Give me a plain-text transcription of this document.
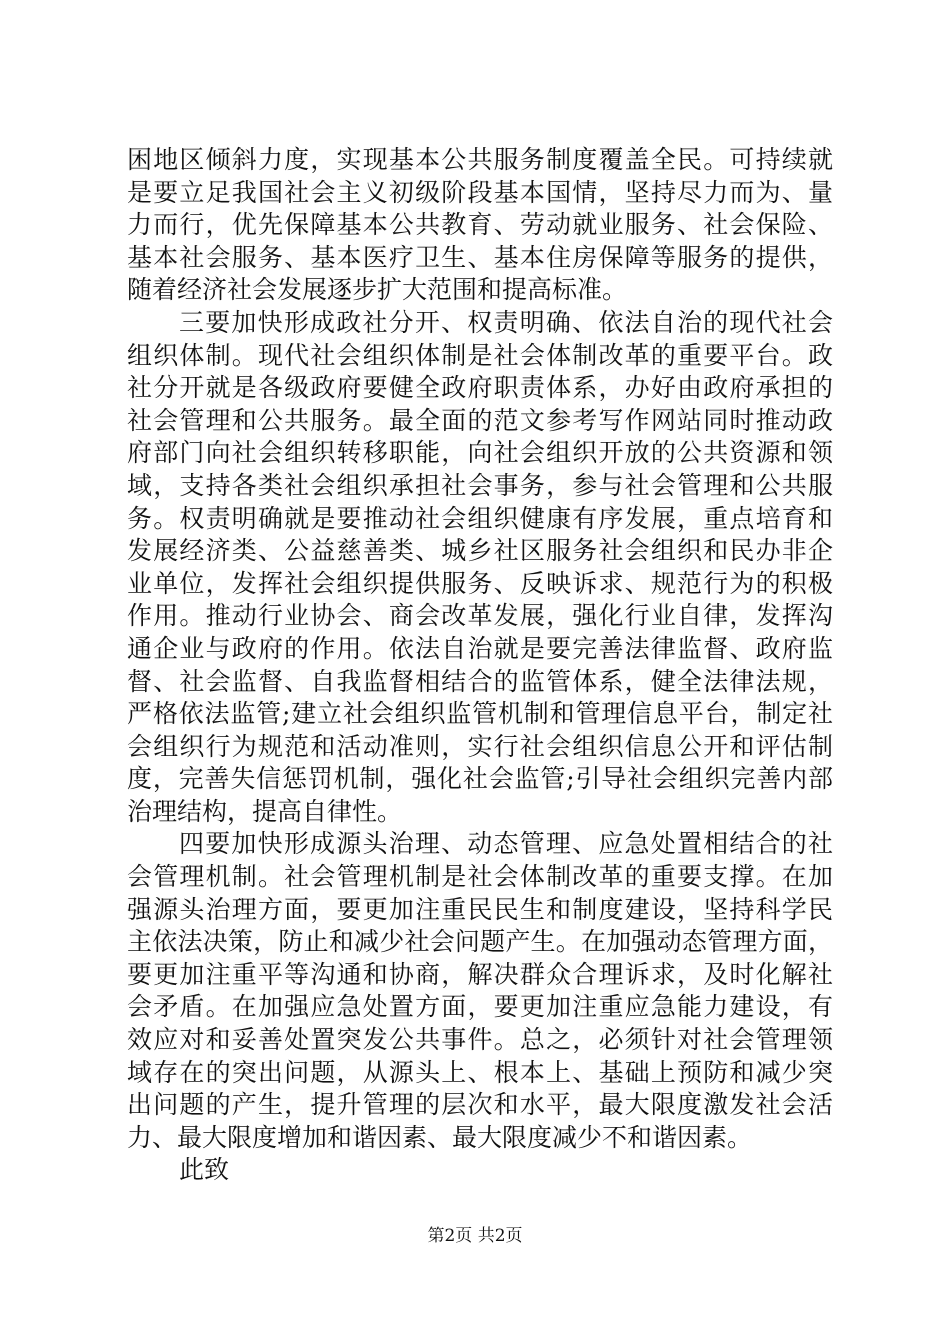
困地区倾斜力度，实现基本公共服务制度覆盖全民。可持续就
是要立足我国社会主义初级阶段基本国情，坚持尽力而为、量
力而行，优先保障基本公共教育、劳动就业服务、社会保险、
基本社会服务、基本医疗卫生、基本住房保障等服务的提供，
随着经济社会发展逐步扩大范围和提高标准。
三要加快形成政社分开、权责明确、依法自治的现代社会
组织体制。现代社会组织体制是社会体制改革的重要平台。政
社分开就是各级政府要健全政府职责体系，办好由政府承担的
社会管理和公共服务。最全面的范文参考写作网站同时推动政
府部门向社会组织转移职能，向社会组织开放的公共资源和领
域，支持各类社会组织承担社会事务，参与社会管理和公共服
务。权责明确就是要推动社会组织健康有序发展，重点培育和
发展经济类、公益慈善类、城乡社区服务社会组织和民办非企
业单位，发挥社会组织提供服务、反映诉求、规范行为的积极
作用。推动行业协会、商会改革发展，强化行业自律，发挥沟
通企业与政府的作用。依法自治就是要完善法律监督、政府监
督、社会监督、自我监督相结合的监管体系，健全法律法规，
严格依法监管;建立社会组织监管机制和管理信息平台，制定社
会组织行为规范和活动准则，实行社会组织信息公开和评估制
度，完善失信惩罚机制，强化社会监管;引导社会组织完善内部
治理结构，提高自律性。
四要加快形成源头治理、动态管理、应急处置相结合的社
会管理机制。社会管理机制是社会体制改革的重要支撑。在加
强源头治理方面，要更加注重民民生和制度建设，坚持科学民
主依法决策，防止和减少社会问题产生。在加强动态管理方面，
要更加注重平等沟通和协商，解决群众合理诉求，及时化解社
会矛盾。在加强应急处置方面，要更加注重应急能力建设，有
效应对和妥善处置突发公共事件。总之，必须针对社会管理领
域存在的突出问题，从源头上、根本上、基础上预防和减少突
出问题的产生，提升管理的层次和水平，最大限度激发社会活
力、最大限度增加和谐因素、最大限度减少不和谐因素。
此致
第2页 共2页
